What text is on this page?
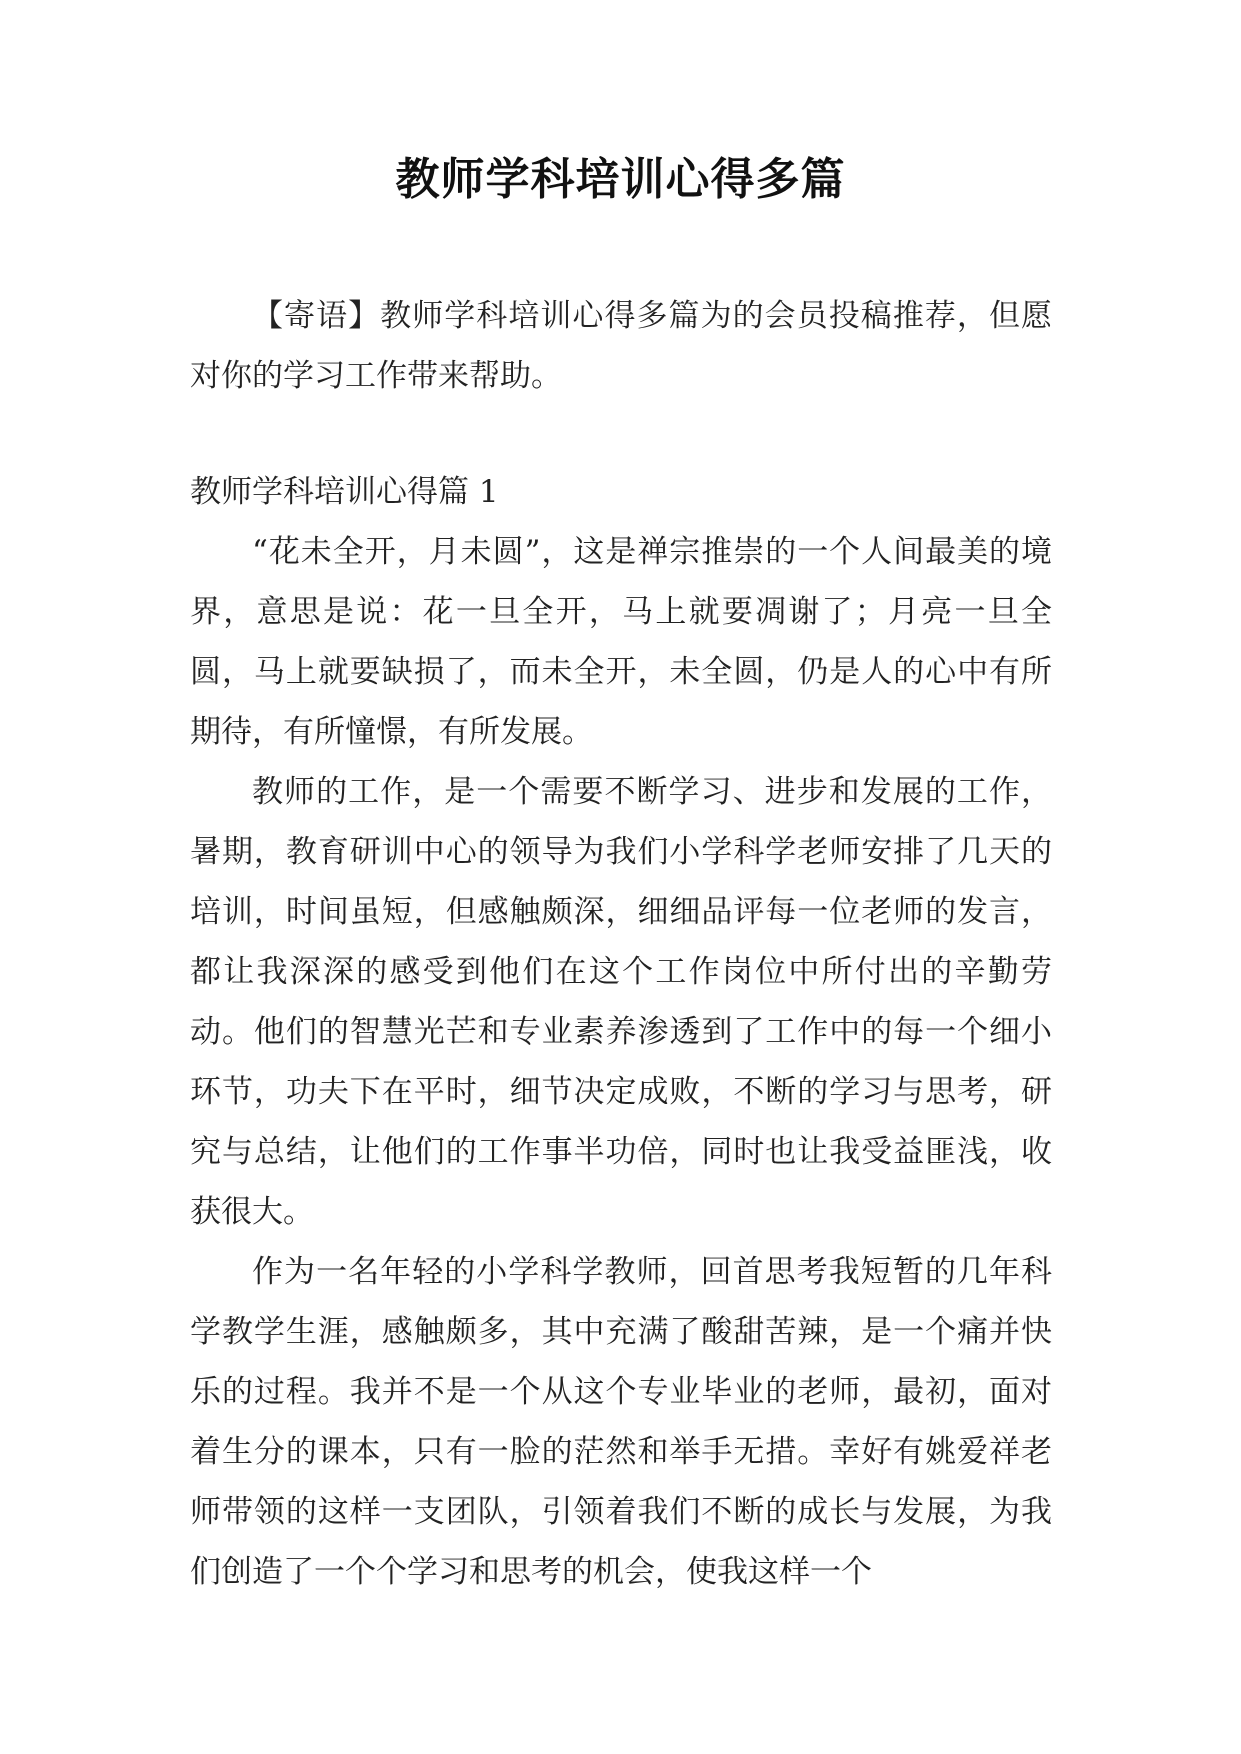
教师学科培训心得多篇

【寄语】教师学科培训心得多篇为的会员投稿推荐，但愿对你的学习工作带来帮助。

教师学科培训心得篇 1

“花未全开，月未圆”，这是禅宗推崇的一个人间最美的境界，意思是说：花一旦全开，马上就要凋谢了；月亮一旦全圆，马上就要缺损了，而未全开，未全圆，仍是人的心中有所期待，有所憧憬，有所发展。

教师的工作，是一个需要不断学习、进步和发展的工作，暑期，教育研训中心的领导为我们小学科学老师安排了几天的培训，时间虽短，但感触颇深，细细品评每一位老师的发言，都让我深深的感受到他们在这个工作岗位中所付出的辛勤劳动。他们的智慧光芒和专业素养渗透到了工作中的每一个细小环节，功夫下在平时，细节决定成败，不断的学习与思考，研究与总结，让他们的工作事半功倍，同时也让我受益匪浅，收获很大。

作为一名年轻的小学科学教师，回首思考我短暂的几年科学教学生涯，感触颇多，其中充满了酸甜苦辣，是一个痛并快乐的过程。我并不是一个从这个专业毕业的老师，最初，面对着生分的课本，只有一脸的茫然和举手无措。幸好有姚爱祥老师带领的这样一支团队，引领着我们不断的成长与发展，为我们创造了一个个学习和思考的机会，使我这样一个
